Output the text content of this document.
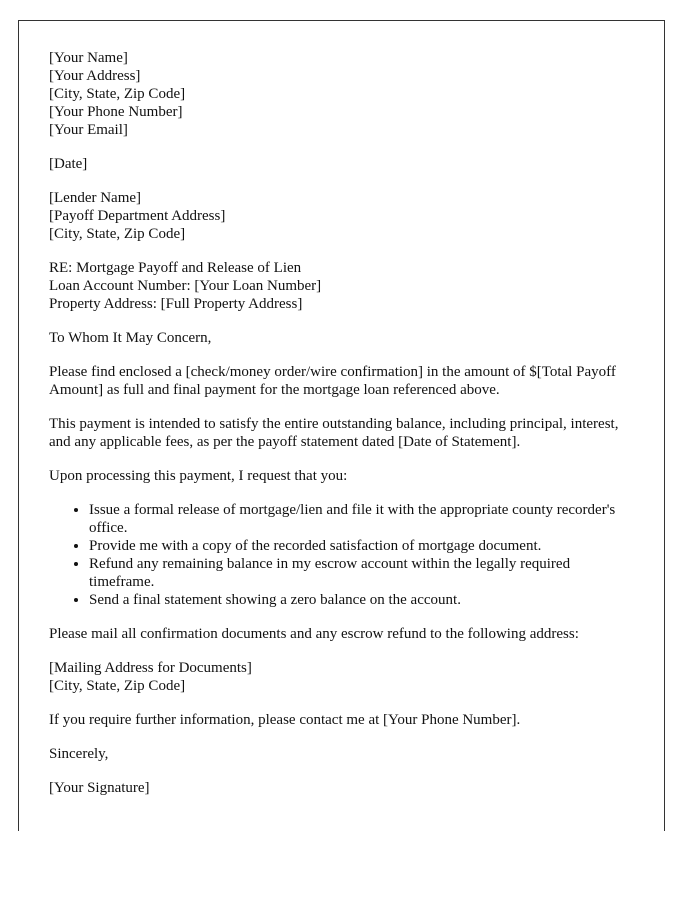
[Your Name]
[Your Address]
[City, State, Zip Code]
[Your Phone Number]
[Your Email]

[Date]

[Lender Name]
[Payoff Department Address]
[City, State, Zip Code]

RE: Mortgage Payoff and Release of Lien
Loan Account Number: [Your Loan Number]
Property Address: [Full Property Address]

To Whom It May Concern,

Please find enclosed a [check/money order/wire confirmation] in the amount of $[Total Payoff Amount] as full and final payment for the mortgage loan referenced above.

This payment is intended to satisfy the entire outstanding balance, including principal, interest, and any applicable fees, as per the payoff statement dated [Date of Statement].

Upon processing this payment, I request that you:

• Issue a formal release of mortgage/lien and file it with the appropriate county recorder's office.
• Provide me with a copy of the recorded satisfaction of mortgage document.
• Refund any remaining balance in my escrow account within the legally required timeframe.
• Send a final statement showing a zero balance on the account.

Please mail all confirmation documents and any escrow refund to the following address:

[Mailing Address for Documents]
[City, State, Zip Code]

If you require further information, please contact me at [Your Phone Number].

Sincerely,

[Your Signature]
